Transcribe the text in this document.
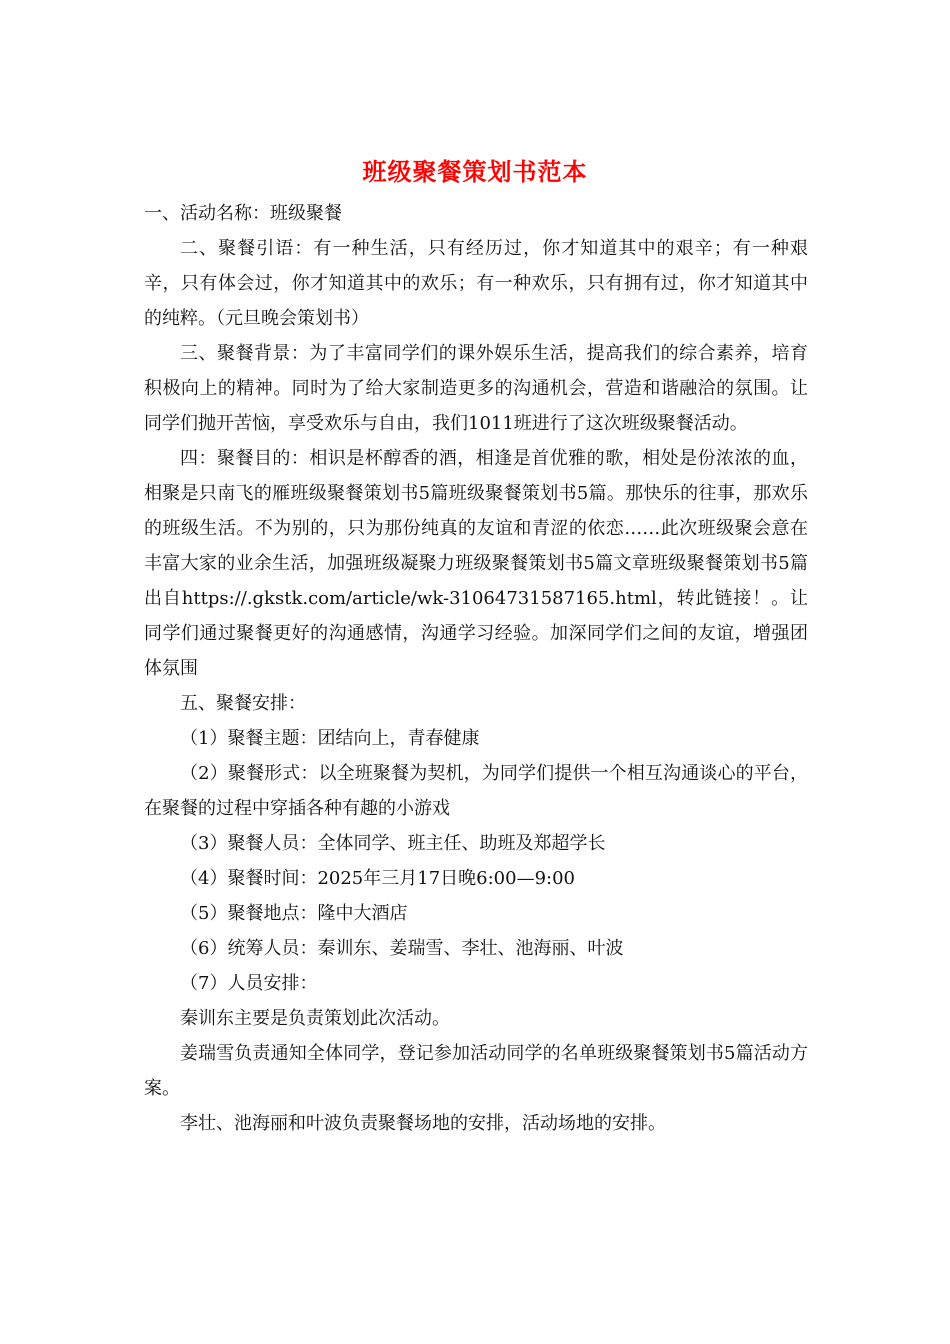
班级聚餐策划书范本

一、活动名称：班级聚餐

二、聚餐引语：有一种生活，只有经历过，你才知道其中的艰辛；有一种艰辛，只有体会过，你才知道其中的欢乐；有一种欢乐，只有拥有过，你才知道其中的纯粹。（元旦晚会策划书）

三、聚餐背景：为了丰富同学们的课外娱乐生活，提高我们的综合素养，培育积极向上的精神。同时为了给大家制造更多的沟通机会，营造和谐融洽的氛围。让同学们抛开苦恼，享受欢乐与自由，我们1011班进行了这次班级聚餐活动。

四：聚餐目的：相识是杯醇香的酒，相逢是首优雅的歌，相处是份浓浓的血，相聚是只南飞的雁班级聚餐策划书5篇班级聚餐策划书5篇。那快乐的往事，那欢乐的班级生活。不为别的，只为那份纯真的友谊和青涩的依恋……此次班级聚会意在丰富大家的业余生活，加强班级凝聚力班级聚餐策划书5篇文章班级聚餐策划书5篇出自https://.gkstk.com/article/wk-31064731587165.html，转此链接！。让同学们通过聚餐更好的沟通感情，沟通学习经验。加深同学们之间的友谊，增强团体氛围

五、聚餐安排：

（1）聚餐主题：团结向上，青春健康

（2）聚餐形式：以全班聚餐为契机，为同学们提供一个相互沟通谈心的平台，在聚餐的过程中穿插各种有趣的小游戏

（3）聚餐人员：全体同学、班主任、助班及郑超学长

（4）聚餐时间：2025年三月17日晚6:00—9:00

（5）聚餐地点：隆中大酒店

（6）统筹人员：秦训东、姜瑞雪、李壮、池海丽、叶波

（7）人员安排：

秦训东主要是负责策划此次活动。

姜瑞雪负责通知全体同学，登记参加活动同学的名单班级聚餐策划书5篇活动方案。

李壮、池海丽和叶波负责聚餐场地的安排，活动场地的安排。
